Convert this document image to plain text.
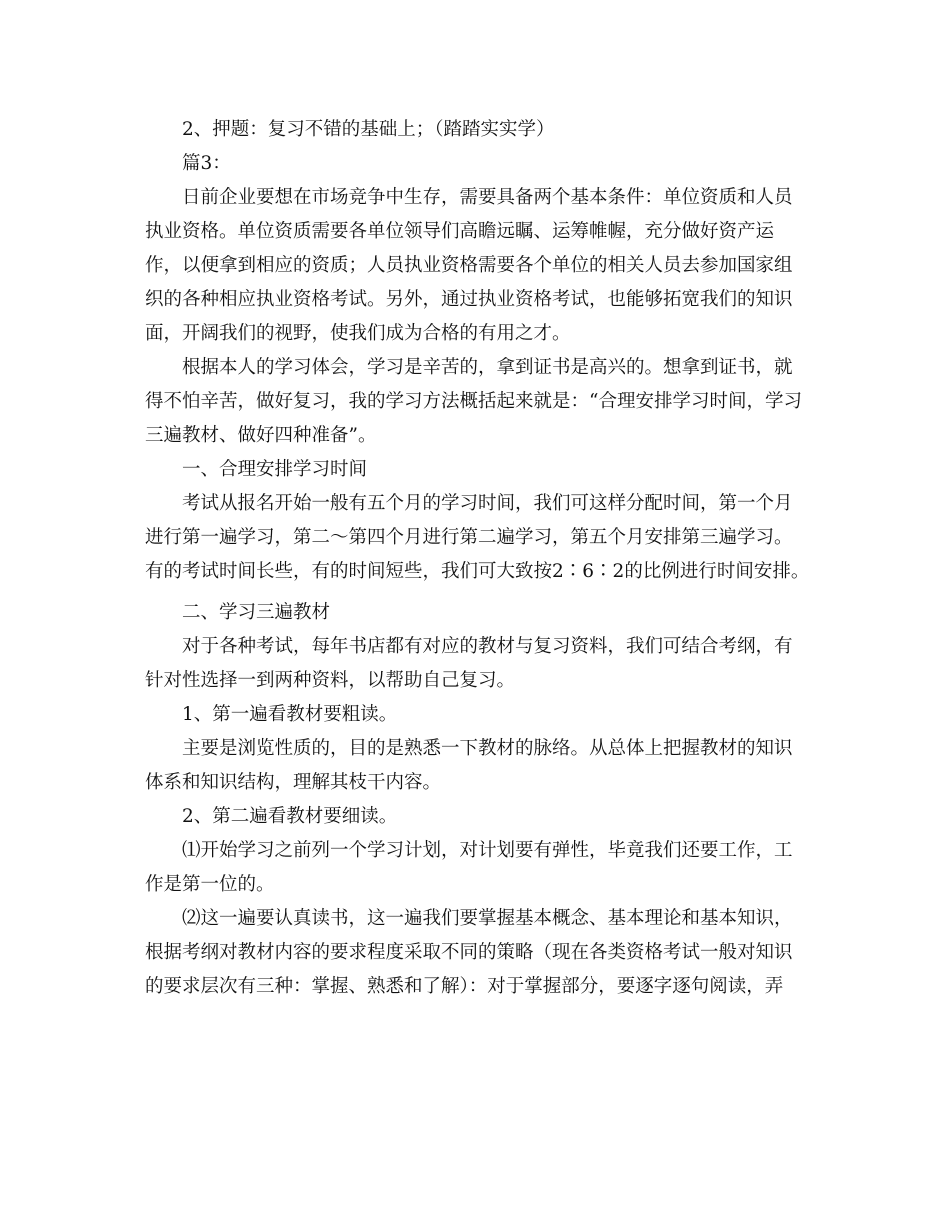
2、押题：复习不错的基础上；（踏踏实实学）

篇3：

日前企业要想在市场竞争中生存，需要具备两个基本条件：单位资质和人员执业资格。单位资质需要各单位领导们高瞻远瞩、运筹帷幄，充分做好资产运作，以便拿到相应的资质；人员执业资格需要各个单位的相关人员去参加国家组织的各种相应执业资格考试。另外，通过执业资格考试，也能够拓宽我们的知识面，开阔我们的视野，使我们成为合格的有用之才。

根据本人的学习体会，学习是辛苦的，拿到证书是高兴的。想拿到证书，就得不怕辛苦，做好复习，我的学习方法概括起来就是：“合理安排学习时间，学习三遍教材、做好四种准备”。

一、合理安排学习时间

考试从报名开始一般有五个月的学习时间，我们可这样分配时间，第一个月进行第一遍学习，第二～第四个月进行第二遍学习，第五个月安排第三遍学习。有的考试时间长些，有的时间短些，我们可大致按2∶6∶2的比例进行时间安排。

二、学习三遍教材

对于各种考试，每年书店都有对应的教材与复习资料，我们可结合考纲，有针对性选择一到两种资料，以帮助自己复习。

1、第一遍看教材要粗读。

主要是浏览性质的，目的是熟悉一下教材的脉络。从总体上把握教材的知识体系和知识结构，理解其枝干内容。

2、第二遍看教材要细读。

⑴开始学习之前列一个学习计划，对计划要有弹性，毕竟我们还要工作，工作是第一位的。

⑵这一遍要认真读书，这一遍我们要掌握基本概念、基本理论和基本知识，根据考纲对教材内容的要求程度采取不同的策略（现在各类资格考试一般对知识的要求层次有三种：掌握、熟悉和了解）：对于掌握部分，要逐字逐句阅读，弄
